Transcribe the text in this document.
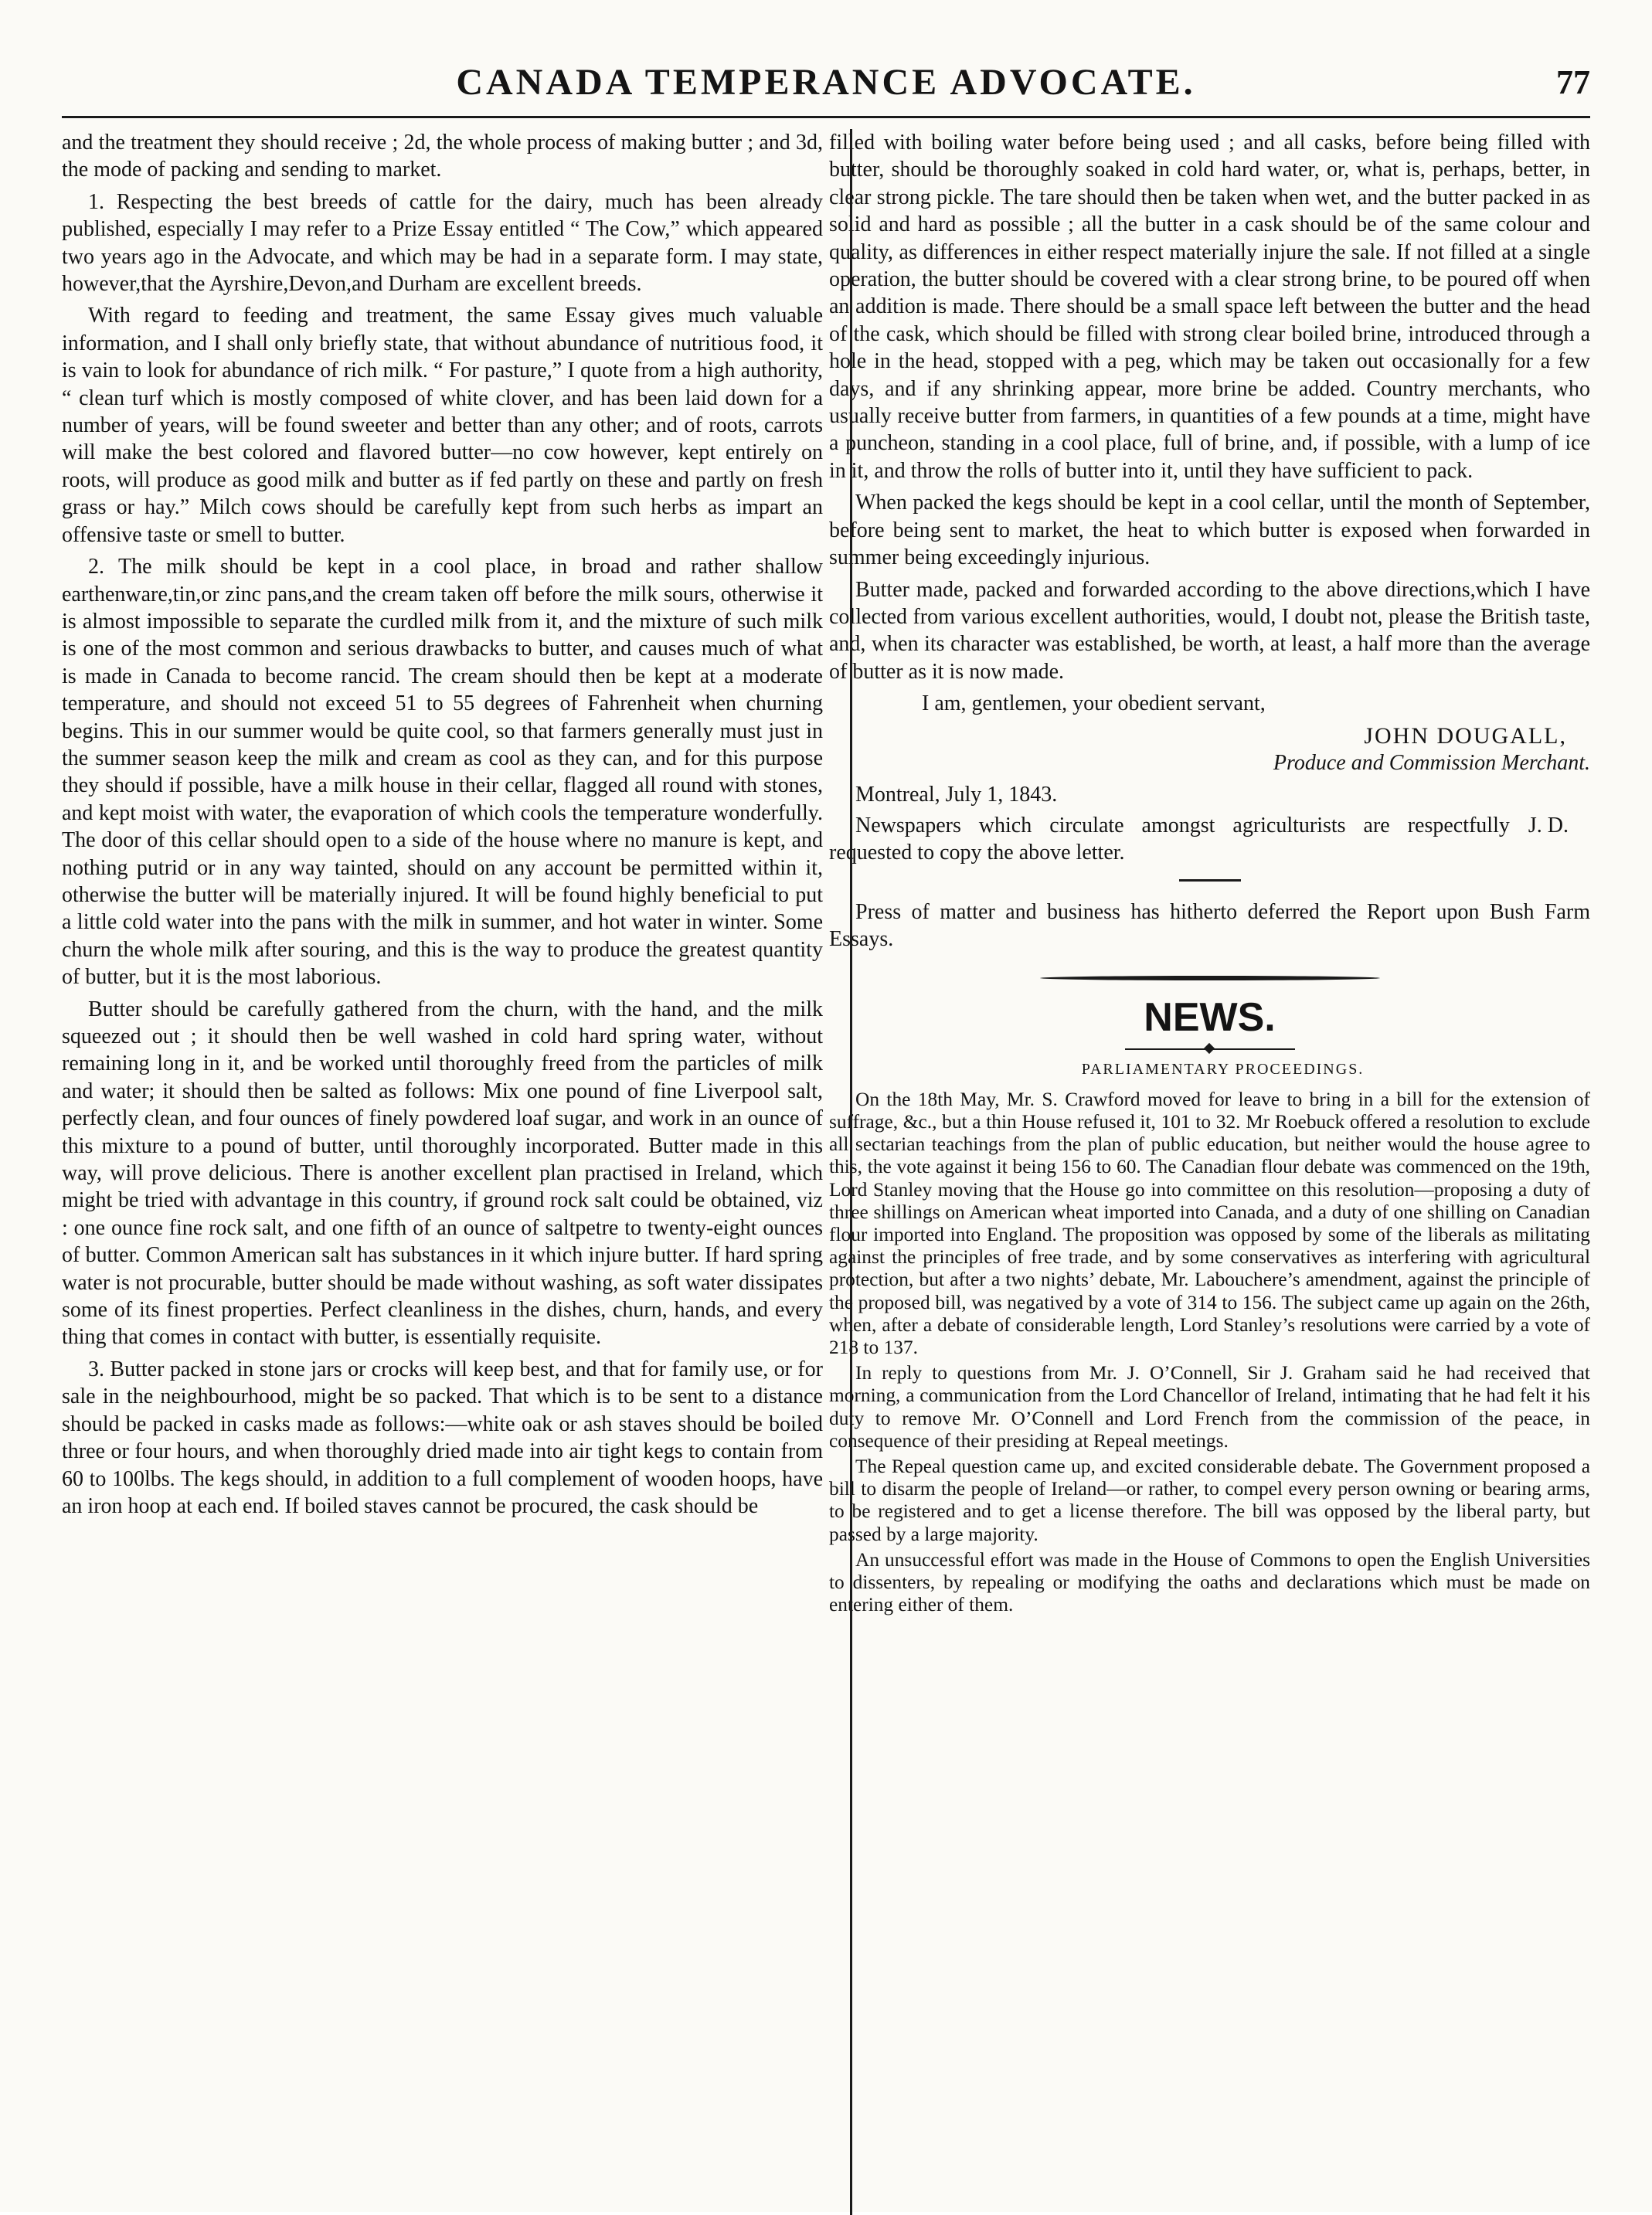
CANADA TEMPERANCE ADVOCATE.	77

and the treatment they should receive ; 2d, the whole process of making butter ; and 3d, the mode of packing and sending to market.

1. Respecting the best breeds of cattle for the dairy, much has been already published, especially I may refer to a Prize Essay entitled “ The Cow,” which appeared two years ago in the Advocate, and which may be had in a separate form. I may state, however,that the Ayrshire,Devon,and Durham are excellent breeds.

With regard to feeding and treatment, the same Essay gives much valuable information, and I shall only briefly state, that without abundance of nutritious food, it is vain to look for abundance of rich milk. “ For pasture,” I quote from a high authority, “ clean turf which is mostly composed of white clover, and has been laid down for a number of years, will be found sweeter and better than any other; and of roots, carrots will make the best colored and flavored butter—no cow however, kept entirely on roots, will produce as good milk and butter as if fed partly on these and partly on fresh grass or hay.” Milch cows should be carefully kept from such herbs as impart an offensive taste or smell to butter.

2. The milk should be kept in a cool place, in broad and rather shallow earthenware,tin,or zinc pans,and the cream taken off before the milk sours, otherwise it is almost impossible to separate the curdled milk from it, and the mixture of such milk is one of the most common and serious drawbacks to butter, and causes much of what is made in Canada to become rancid. The cream should then be kept at a moderate temperature, and should not exceed 51 to 55 degrees of Fahrenheit when churning begins. This in our summer would be quite cool, so that farmers generally must just in the summer season keep the milk and cream as cool as they can, and for this purpose they should if possible, have a milk house in their cellar, flagged all round with stones, and kept moist with water, the evaporation of which cools the temperature wonderfully. The door of this cellar should open to a side of the house where no manure is kept, and nothing putrid or in any way tainted, should on any account be permitted within it, otherwise the butter will be materially injured. It will be found highly beneficial to put a little cold water into the pans with the milk in summer, and hot water in winter. Some churn the whole milk after souring, and this is the way to produce the greatest quantity of butter, but it is the most laborious.

Butter should be carefully gathered from the churn, with the hand, and the milk squeezed out ; it should then be well washed in cold hard spring water, without remaining long in it, and be worked until thoroughly freed from the particles of milk and water; it should then be salted as follows: Mix one pound of fine Liverpool salt, perfectly clean, and four ounces of finely powdered loaf sugar, and work in an ounce of this mixture to a pound of butter, until thoroughly incorporated. Butter made in this way, will prove delicious. There is another excellent plan practised in Ireland, which might be tried with advantage in this country, if ground rock salt could be obtained, viz : one ounce fine rock salt, and one fifth of an ounce of saltpetre to twenty-eight ounces of butter. Common American salt has substances in it which injure butter. If hard spring water is not procurable, butter should be made without washing, as soft water dissipates some of its finest properties. Perfect cleanliness in the dishes, churn, hands, and every thing that comes in contact with butter, is essentially requisite.

3. Butter packed in stone jars or crocks will keep best, and that for family use, or for sale in the neighbourhood, might be so packed. That which is to be sent to a distance should be packed in casks made as follows:—white oak or ash staves should be boiled three or four hours, and when thoroughly dried made into air tight kegs to contain from 60 to 100lbs. The kegs should, in addition to a full complement of wooden hoops, have an iron hoop at each end. If boiled staves cannot be procured, the cask should be

filled with boiling water before being used ; and all casks, before being filled with butter, should be thoroughly soaked in cold hard water, or, what is, perhaps, better, in clear strong pickle. The tare should then be taken when wet, and the butter packed in as solid and hard as possible ; all the butter in a cask should be of the same colour and quality, as differences in either respect materially injure the sale. If not filled at a single operation, the butter should be covered with a clear strong brine, to be poured off when an addition is made. There should be a small space left between the butter and the head of the cask, which should be filled with strong clear boiled brine, introduced through a hole in the head, stopped with a peg, which may be taken out occasionally for a few days, and if any shrinking appear, more brine be added. Country merchants, who usually receive butter from farmers, in quantities of a few pounds at a time, might have a puncheon, standing in a cool place, full of brine, and, if possible, with a lump of ice in it, and throw the rolls of butter into it, until they have sufficient to pack.

When packed the kegs should be kept in a cool cellar, until the month of September, before being sent to market, the heat to which butter is exposed when forwarded in summer being exceedingly injurious.

Butter made, packed and forwarded according to the above directions,which I have collected from various excellent authorities, would, I doubt not, please the British taste, and, when its character was established, be worth, at least, a half more than the average of butter as it is now made.

I am, gentlemen, your obedient servant,

JOHN DOUGALL,
Produce and Commission Merchant.
Montreal, July 1, 1843.

Newspapers which circulate amongst agriculturists are respectfully requested to copy the above letter.

J. D.

Press of matter and business has hitherto deferred the Report upon Bush Farm Essays.

NEWS.

PARLIAMENTARY PROCEEDINGS.

On the 18th May, Mr. S. Crawford moved for leave to bring in a bill for the extension of suffrage, &c., but a thin House refused it, 101 to 32. Mr Roebuck offered a resolution to exclude all sectarian teachings from the plan of public education, but neither would the house agree to this, the vote against it being 156 to 60. The Canadian flour debate was commenced on the 19th, Lord Stanley moving that the House go into committee on this resolution—proposing a duty of three shillings on American wheat imported into Canada, and a duty of one shilling on Canadian flour imported into England. The proposition was opposed by some of the liberals as militating against the principles of free trade, and by some conservatives as interfering with agricultural protection, but after a two nights’ debate, Mr. Labouchere’s amendment, against the principle of the proposed bill, was negatived by a vote of 314 to 156. The subject came up again on the 26th, when, after a debate of considerable length, Lord Stanley’s resolutions were carried by a vote of 218 to 137.

In reply to questions from Mr. J. O’Connell, Sir J. Graham said he had received that morning, a communication from the Lord Chancellor of Ireland, intimating that he had felt it his duty to remove Mr. O’Connell and Lord French from the commission of the peace, in consequence of their presiding at Repeal meetings.

The Repeal question came up, and excited considerable debate. The Government proposed a bill to disarm the people of Ireland—or rather, to compel every person owning or bearing arms, to be registered and to get a license therefore. The bill was opposed by the liberal party, but passed by a large majority.

An unsuccessful effort was made in the House of Commons to open the English Universities to dissenters, by repealing or modifying the oaths and declarations which must be made on entering either of them.
